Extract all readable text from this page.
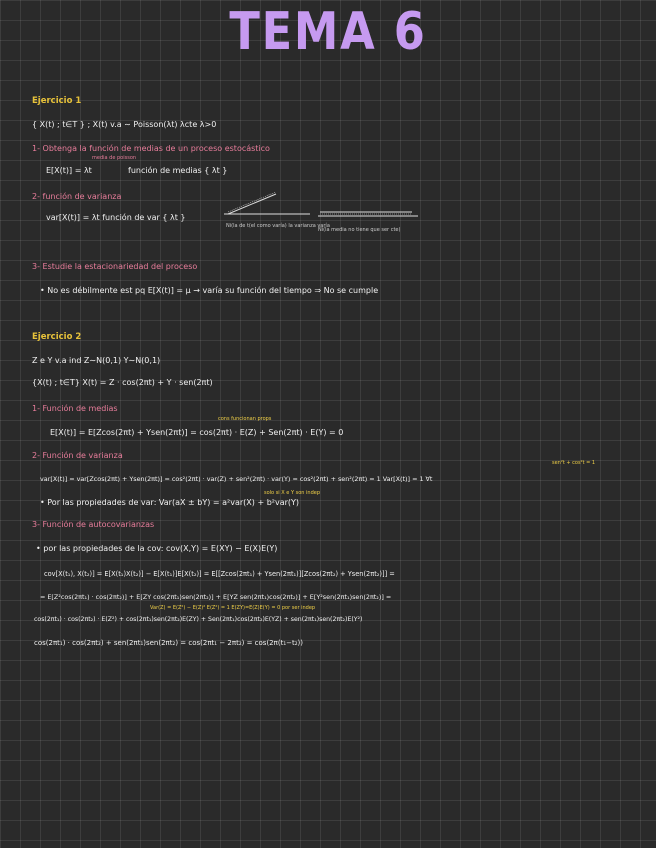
TEMA 6
Ejercicio 1
{ X(t) ; t∈T } ; X(t) v.a ∼ Poisson(λt) λcte λ>0
1- Obtenga la función de medias de un proceso estocástico
media de poisson
E[X(t)] = λt	función de medias { λt }
2- función de varianza
var[X(t)] = λt función de var { λt }
Ni(la de t(el como varía) la varianza varía
Ni(la media no tiene que ser cte)
3- Estudie la estacionariedad del proceso
• No es débilmente est pq E[X(t)] = μ → varía su función del tiempo ⇒ No se cumple
Ejercicio 2
Z e Y v.a ind Z∼N(0,1) Y∼N(0,1)
{X(t) ; t∈T} X(t) = Z · cos(2πt) + Y · sen(2πt)
1- Función de medias
cons funcionan props
E[X(t)] = E[Zcos(2πt) + Ysen(2πt)] = cos(2πt) · E(Z) + Sen(2πt) · E(Y) = 0
2- Función de varianza
sen²t + cos²t = 1
var[X(t)] = var[Zcos(2πt) + Ysen(2πt)] = cos²(2πt) · var(Z) + sen²(2πt) · var(Y) = cos²(2πt) + sen²(2πt) = 1 Var[X(t)] = 1 ∀t
solo si X e Y son indep
• Por las propiedades de var: Var(aX ± bY) = a²var(X) + b²var(Y)
3- Función de autocovarianzas
• por las propiedades de la cov: cov(X,Y) = E(XY) − E(X)E(Y)
cov[X(t₁), X(t₂)] = E[X(t₁)X(t₂)] − E[X(t₁)]E[X(t₂)] = E[[Zcos(2πt₁) + Ysen(2πt₁)][Zcos(2πt₂) + Ysen(2πt₂)]] =
= E[Z²cos(2πt₁) · cos(2πt₂)] + E[ZY cos(2πt₁)sen(2πt₂)] + E[YZ sen(2πt₁)cos(2πt₂)] + E[Y²sen(2πt₁)sen(2πt₂)] =
Var(Z) = E(Z²) − E(Z)² E(Z²) = 1 E(ZY)=E(Z)E(Y) = 0 por ser indep
cos(2πt₁) · cos(2πt₂) · E(Z²) + cos(2πt₁)sen(2πt₂)E(ZY) + Sen(2πt₁)cos(2πt₂)E(YZ) + sen(2πt₁)sen(2πt₂)E(Y²)
cos(2πt₁) · cos(2πt₂) + sen(2πt₁)sen(2πt₂) = cos(2πt₁ − 2πt₂) = cos(2π(t₁−t₂))
